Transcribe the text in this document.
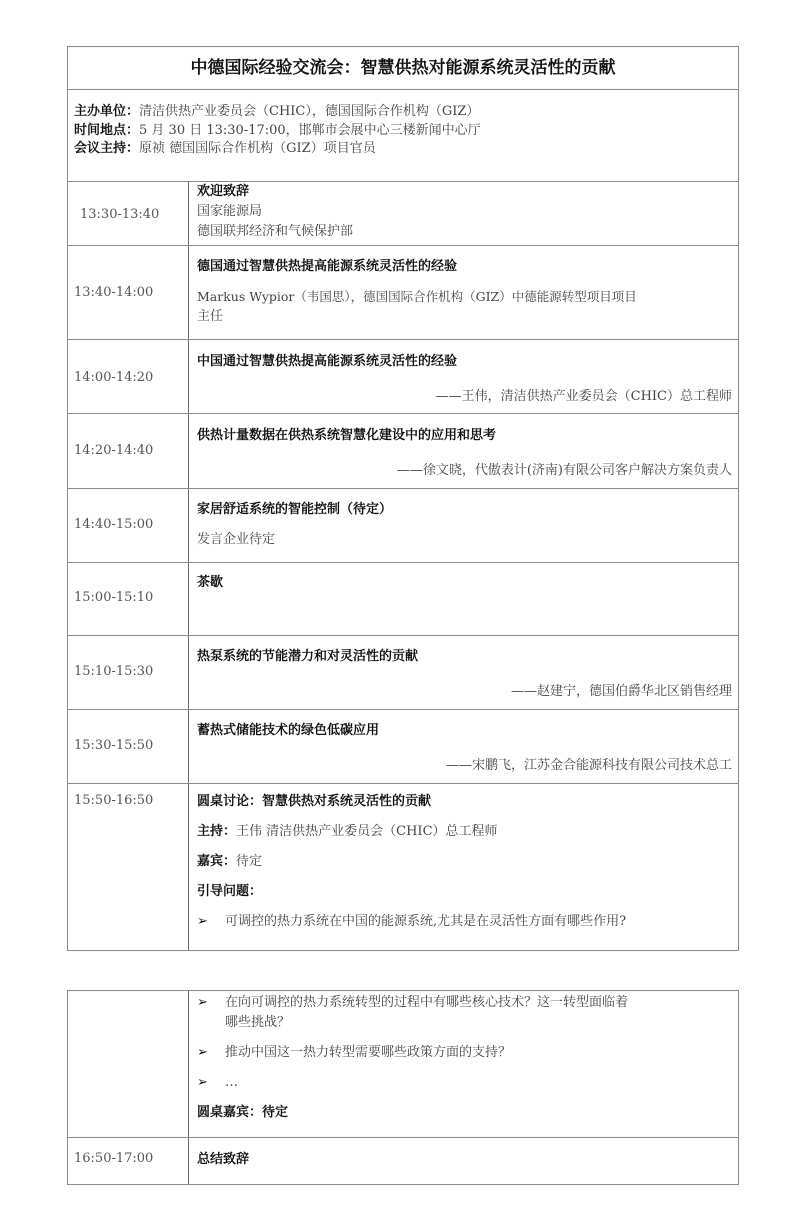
中德国际经验交流会：智慧供热对能源系统灵活性的贡献
主办单位：清洁供热产业委员会（CHIC），德国国际合作机构（GIZ）
时间地点：5 月 30 日 13:30-17:00，邯郸市会展中心三楼新闻中心厅
会议主持：原祯 德国国际合作机构（GIZ）项目官员
13:30-13:40
欢迎致辞
国家能源局
德国联邦经济和气候保护部
13:40-14:00
德国通过智慧供热提高能源系统灵活性的经验
Markus Wypior（韦国思），德国国际合作机构（GIZ）中德能源转型项目项目
主任
14:00-14:20
中国通过智慧供热提高能源系统灵活性的经验
——王伟，清洁供热产业委员会（CHIC）总工程师
14:20-14:40
供热计量数据在供热系统智慧化建设中的应用和思考
——徐文晓，代傲表计(济南)有限公司客户解决方案负责人
14:40-15:00
家居舒适系统的智能控制（待定）
发言企业待定
15:00-15:10
茶歇
15:10-15:30
热泵系统的节能潜力和对灵活性的贡献
——赵建宁，德国伯爵华北区销售经理
15:30-15:50
蓄热式储能技术的绿色低碳应用
——宋鹏飞，江苏金合能源科技有限公司技术总工
15:50-16:50	圆桌讨论：智慧供热对系统灵活性的贡献
主持：王伟 清洁供热产业委员会（CHIC）总工程师
嘉宾：待定
引导问题：
➢	可调控的热力系统在中国的能源系统,尤其是在灵活性方面有哪些作用?
➢	在向可调控的热力系统转型的过程中有哪些核心技术？这一转型面临着
哪些挑战？
➢	推动中国这一热力转型需要哪些政策方面的支持？
➢	…
圆桌嘉宾：待定
16:50-17:00	总结致辞
